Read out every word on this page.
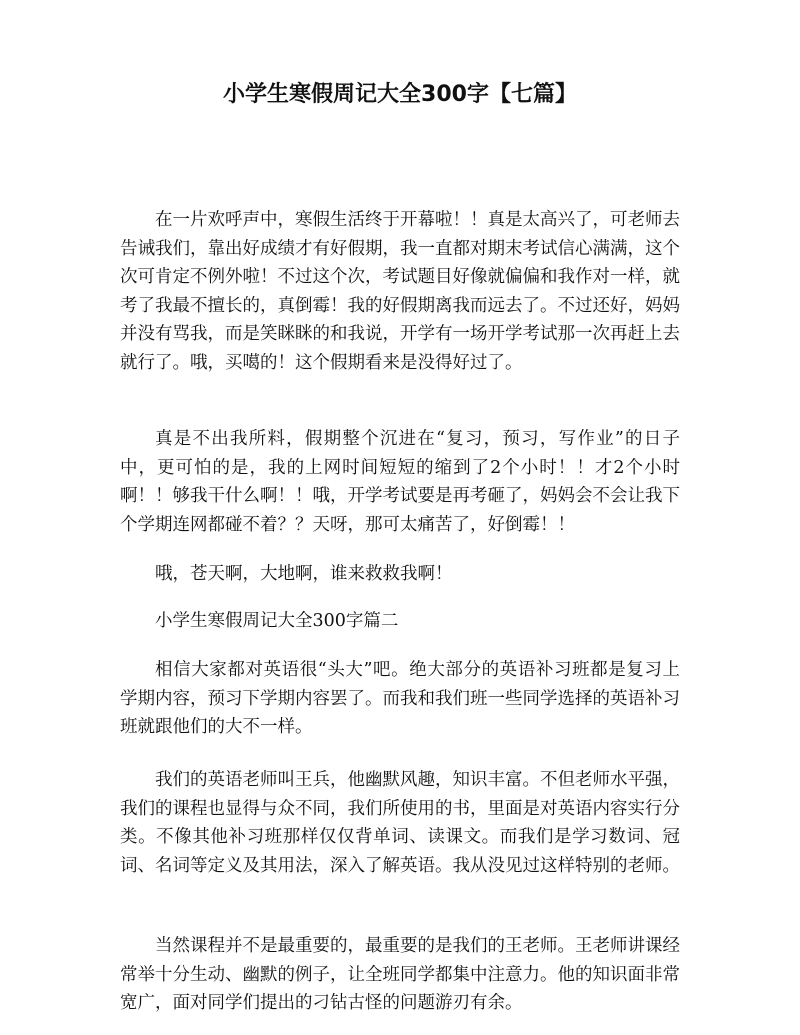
小学生寒假周记大全300字【七篇】

在一片欢呼声中，寒假生活终于开幕啦！！真是太高兴了，可老师去告诫我们，靠出好成绩才有好假期，我一直都对期末考试信心满满，这个次可肯定不例外啦！不过这个次，考试题目好像就偏偏和我作对一样，就考了我最不擅长的，真倒霉！我的好假期离我而远去了。不过还好，妈妈并没有骂我，而是笑眯眯的和我说，开学有一场开学考试那一次再赶上去就行了。哦，买噶的！这个假期看来是没得好过了。

真是不出我所料，假期整个沉进在“复习，预习，写作业”的日子中，更可怕的是，我的上网时间短短的缩到了2个小时！！才2个小时啊！！够我干什么啊！！哦，开学考试要是再考砸了，妈妈会不会让我下个学期连网都碰不着？？天呀，那可太痛苦了，好倒霉！！

哦，苍天啊，大地啊，谁来救救我啊！

小学生寒假周记大全300字篇二

相信大家都对英语很“头大”吧。绝大部分的英语补习班都是复习上学期内容，预习下学期内容罢了。而我和我们班一些同学选择的英语补习班就跟他们的大不一样。

我们的英语老师叫王兵，他幽默风趣，知识丰富。不但老师水平强，我们的课程也显得与众不同，我们所使用的书，里面是对英语内容实行分类。不像其他补习班那样仅仅背单词、读课文。而我们是学习数词、冠词、名词等定义及其用法，深入了解英语。我从没见过这样特别的老师。

当然课程并不是最重要的，最重要的是我们的王老师。王老师讲课经常举十分生动、幽默的例子，让全班同学都集中注意力。他的知识面非常宽广，面对同学们提出的刁钻古怪的问题游刃有余。
